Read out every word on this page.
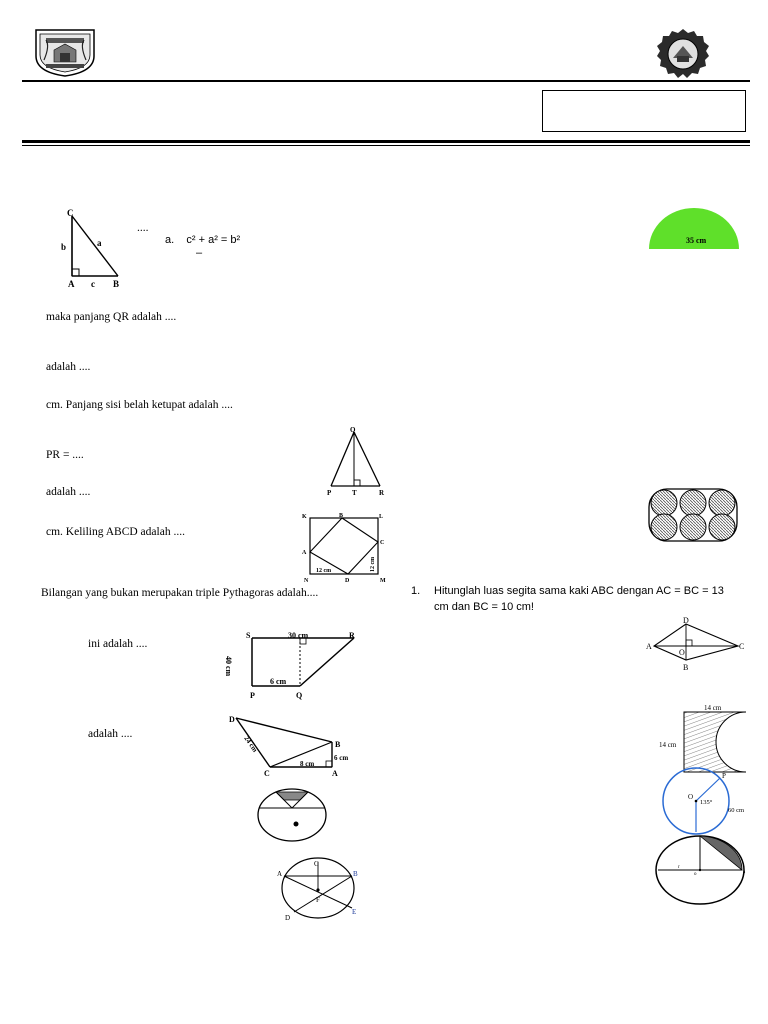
C
b	a
A c B
....
a.    c² + a² = b²
–
35 cm
maka panjang QR adalah ....
adalah ....
cm. Panjang sisi belah ketupat adalah ....
PR = ....
adalah ....
cm. Keliling ABCD adalah ....
Q
P	T	R
K	B	L
A
C
N	D	M
12 cm	12 cm
Bilangan yang bukan merupakan triple Pythagoras adalah....	1. Hitunglah luas segita sama kaki ABC dengan AC = BC = 13
cm dan BC = 10 cm!
D
A
O
C
B
ini adalah ....
S	R
P	Q
30 cm
40 cm
6 cm
14 cm
14 cm
adalah ....
D
B
C	A
24 cm
8 cm
6 cm
O
P
135°
60 cm
o
r
a
C
A	B
F
D
E
